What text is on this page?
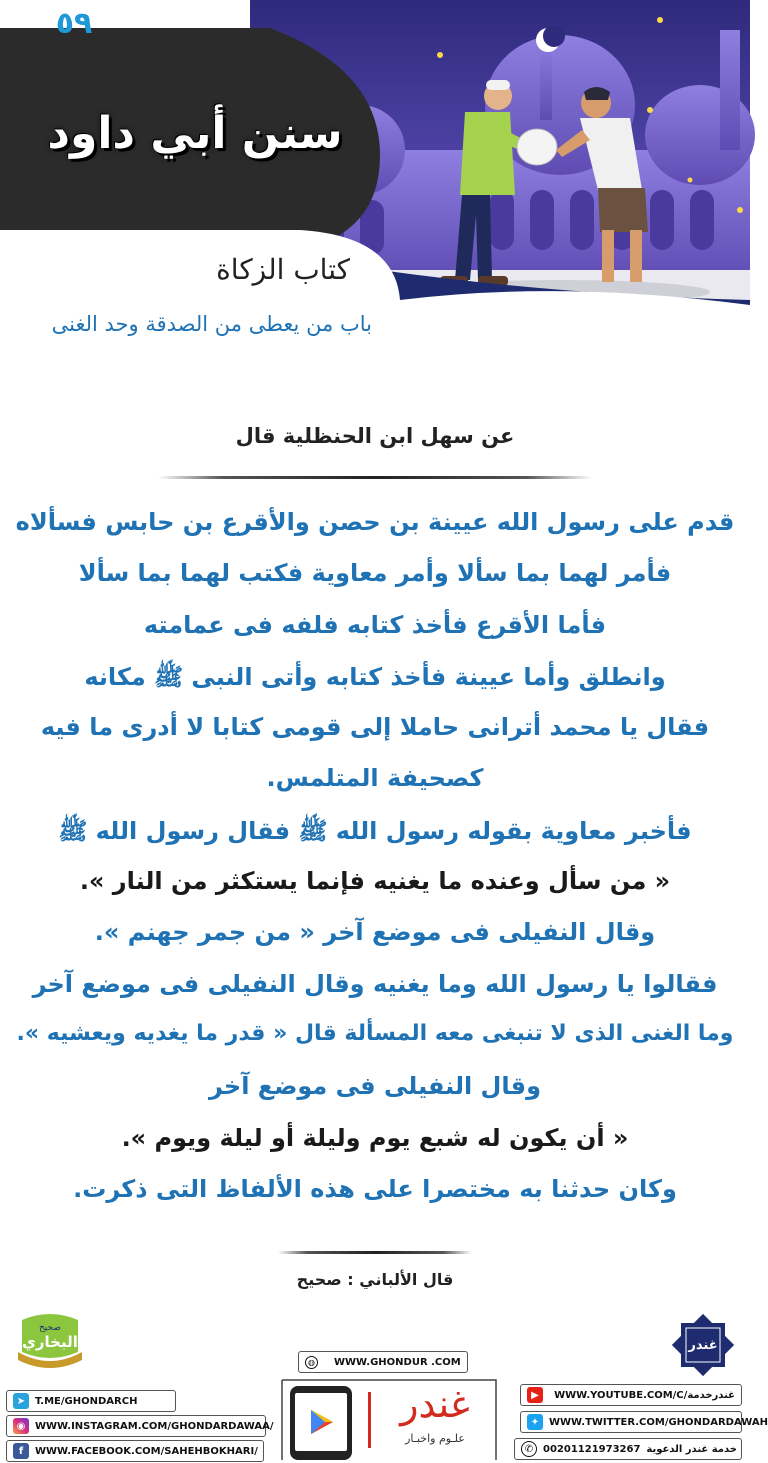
٥٩
سنن أبي داود
كتاب الزكاة
باب من يعطى من الصدقة وحد الغنى
عن سهل ابن الحنظلية قال
قدم على رسول الله عيينة بن حصن والأقرع بن حابس فسألاه
فأمر لهما بما سألا وأمر معاوية فكتب لهما بما سألا
فأما الأقرع فأخذ كتابه فلفه فى عمامته
وانطلق وأما عيينة فأخذ كتابه وأتى النبى ﷺ مكانه
فقال يا محمد أترانى حاملا إلى قومى كتابا لا أدرى ما فيه
كصحيفة المتلمس.
فأخبر معاوية بقوله رسول الله ﷺ فقال رسول الله ﷺ
« من سأل وعنده ما يغنيه فإنما يستكثر من النار ».
وقال النفيلى فى موضع آخر « من جمر جهنم ».
فقالوا يا رسول الله وما يغنيه وقال النفيلى فى موضع آخر
وما الغنى الذى لا تنبغى معه المسألة قال « قدر ما يغديه ويعشيه ».
وقال النفيلى فى موضع آخر
« أن يكون له شبع يوم وليلة أو ليلة ويوم ».
وكان حدثنا به مختصرا على هذه الألفاظ التى ذكرت.
قال الألباني : صحيح
غندر
صحيح
البخاري
◍	WWW.GHONDUR .COM
▶	WWW.YOUTUBE.COM/C/غندرخدمة
✦ WWW.TWITTER.COM/GHONDARDAWAH
✆ 00201121973267 خدمة غندر الدعوية
➤ T.ME/GHONDARCH
◉ WWW.INSTAGRAM.COM/GHONDARDAWAA/
f	WWW.FACEBOOK.COM/SAHEHBOKHARI/
غندر
علـوم واخبـار
